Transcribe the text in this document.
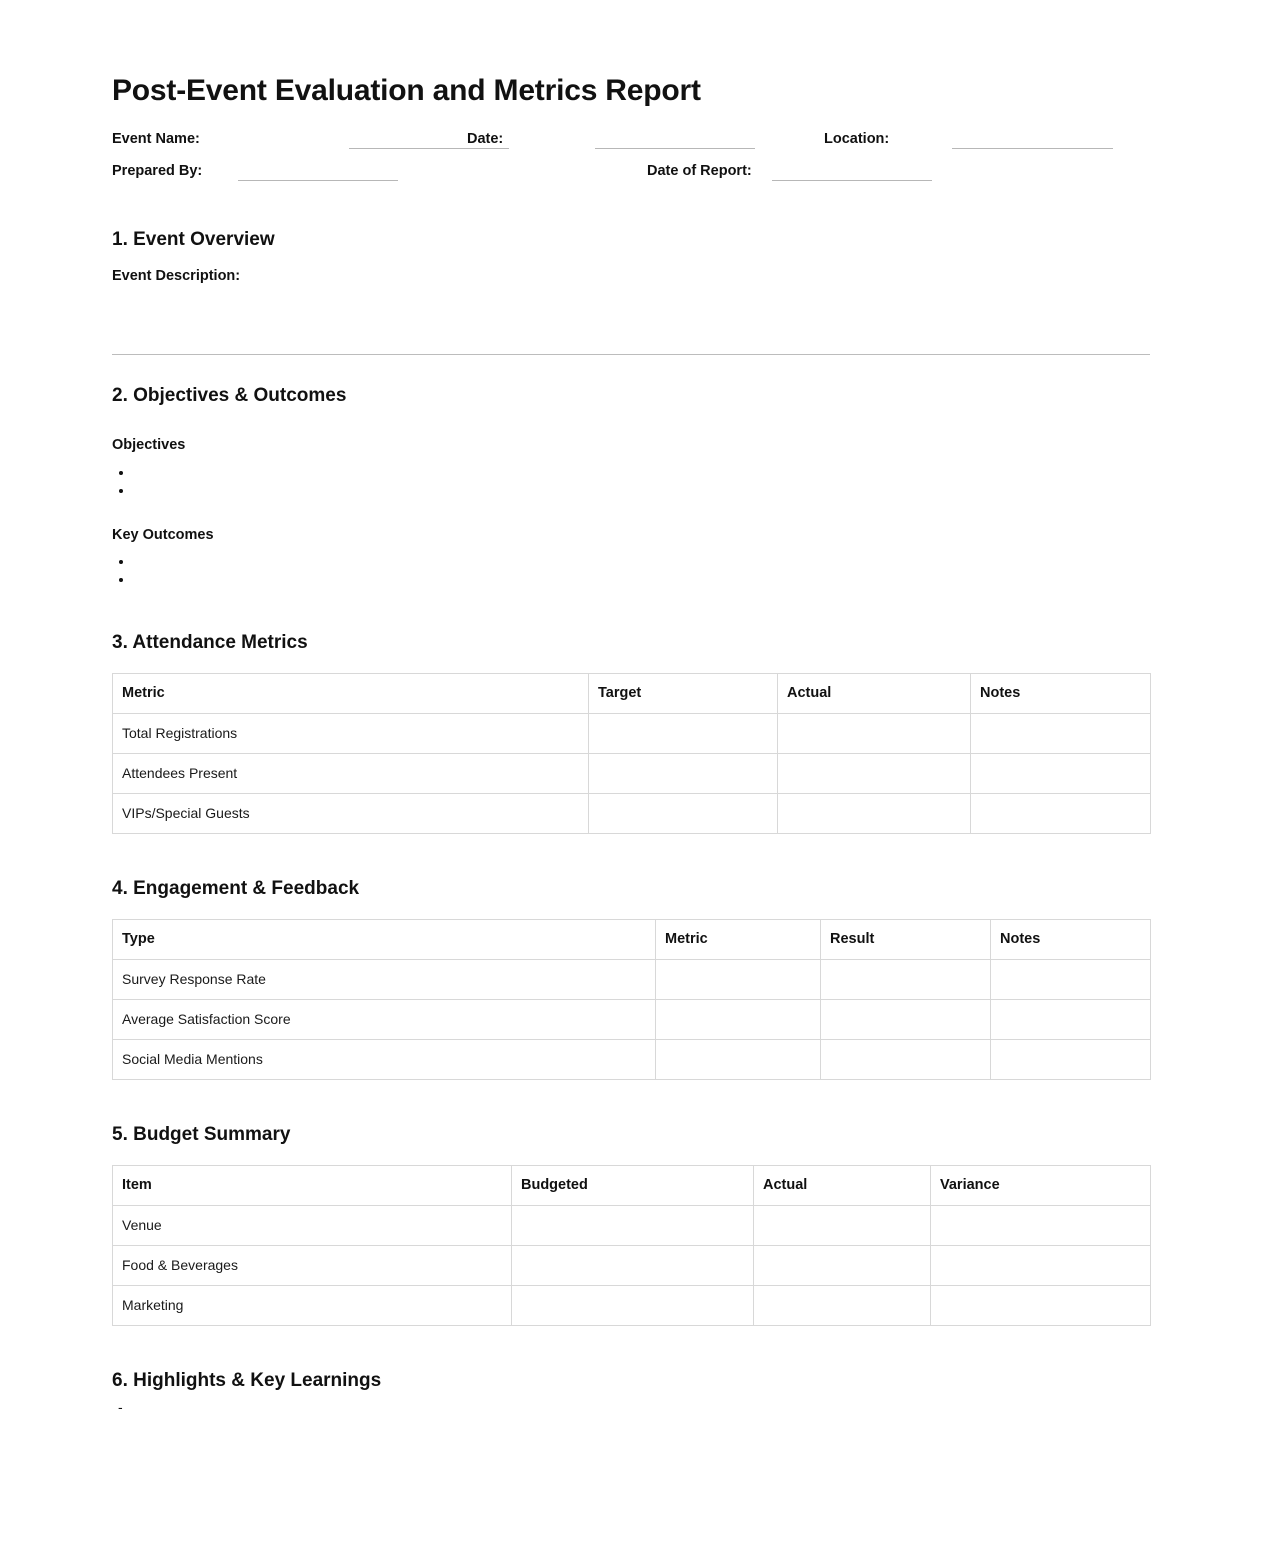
Post-Event Evaluation and Metrics Report
Event Name:	Date:	Location:
Prepared By:	Date of Report:
1. Event Overview
Event Description:
2. Objectives & Outcomes
Objectives
•
•
Key Outcomes
•
•
3. Attendance Metrics
Metric	Target	Actual	Notes
Total Registrations			
Attendees Present			
VIPs/Special Guests			
4. Engagement & Feedback
Type	Metric	Result	Notes
Survey Response Rate			
Average Satisfaction Score			
Social Media Mentions			
5. Budget Summary
Item	Budgeted	Actual	Variance
Venue			
Food & Beverages			
Marketing			
6. Highlights & Key Learnings
-
